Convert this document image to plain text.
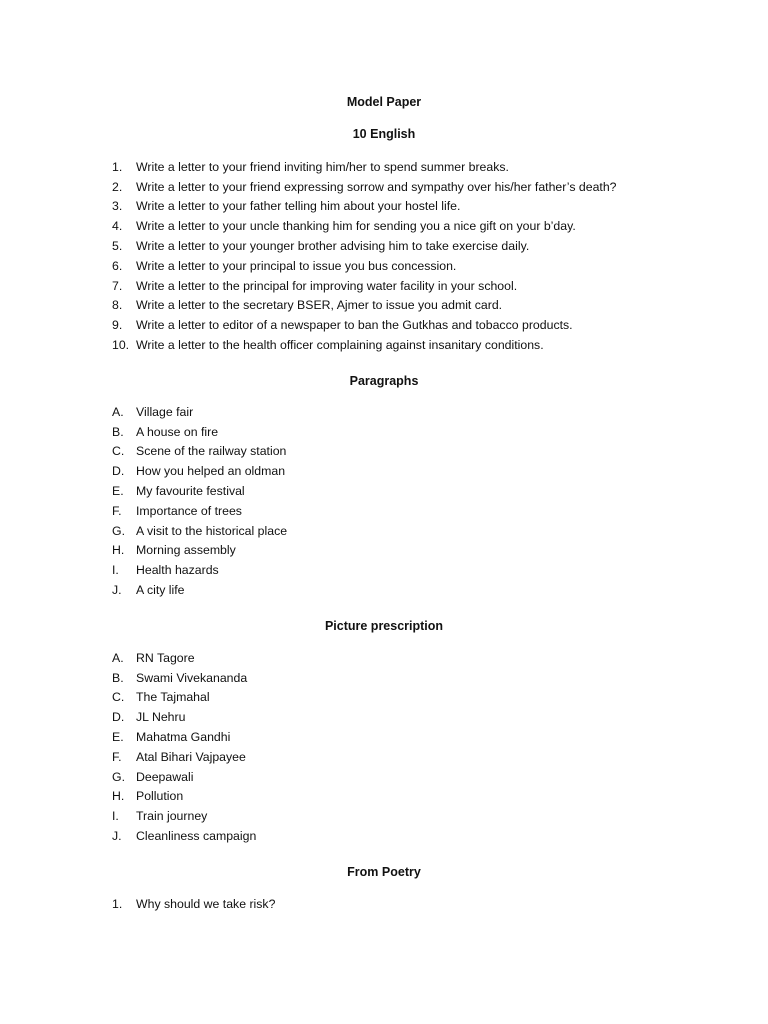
Model Paper
10 English
1.	Write a letter to your friend inviting him/her to spend summer breaks.
2.	Write a letter to your friend expressing sorrow and sympathy over his/her father’s death?
3.	Write a letter to your father telling him about your hostel life.
4.	Write a letter to your uncle thanking him for sending you a nice gift on your b’day.
5.	Write a letter to your younger brother advising him to take exercise daily.
6.	Write a letter to your principal to issue you bus concession.
7.	Write a letter to the principal for improving water facility in your school.
8.	Write a letter to the secretary BSER, Ajmer to issue you admit card.
9.	Write a letter to editor of a newspaper to ban the Gutkhas and tobacco products.
10. Write a letter to the health officer complaining against insanitary conditions.
Paragraphs
A.	Village fair
B.	A house on fire
C. Scene of the railway station
D. How you helped an oldman
E.	My favourite festival
F.	Importance of trees
G. A visit to the historical place
H. Morning assembly
I.	Health hazards
J.	A city life
Picture prescription
A.	RN Tagore
B.	Swami Vivekananda
C. The Tajmahal
D. JL Nehru
E.	Mahatma Gandhi
F.	Atal Bihari Vajpayee
G. Deepawali
H. Pollution
I.	Train journey
J.	Cleanliness campaign
From Poetry
1.	Why should we take risk?
